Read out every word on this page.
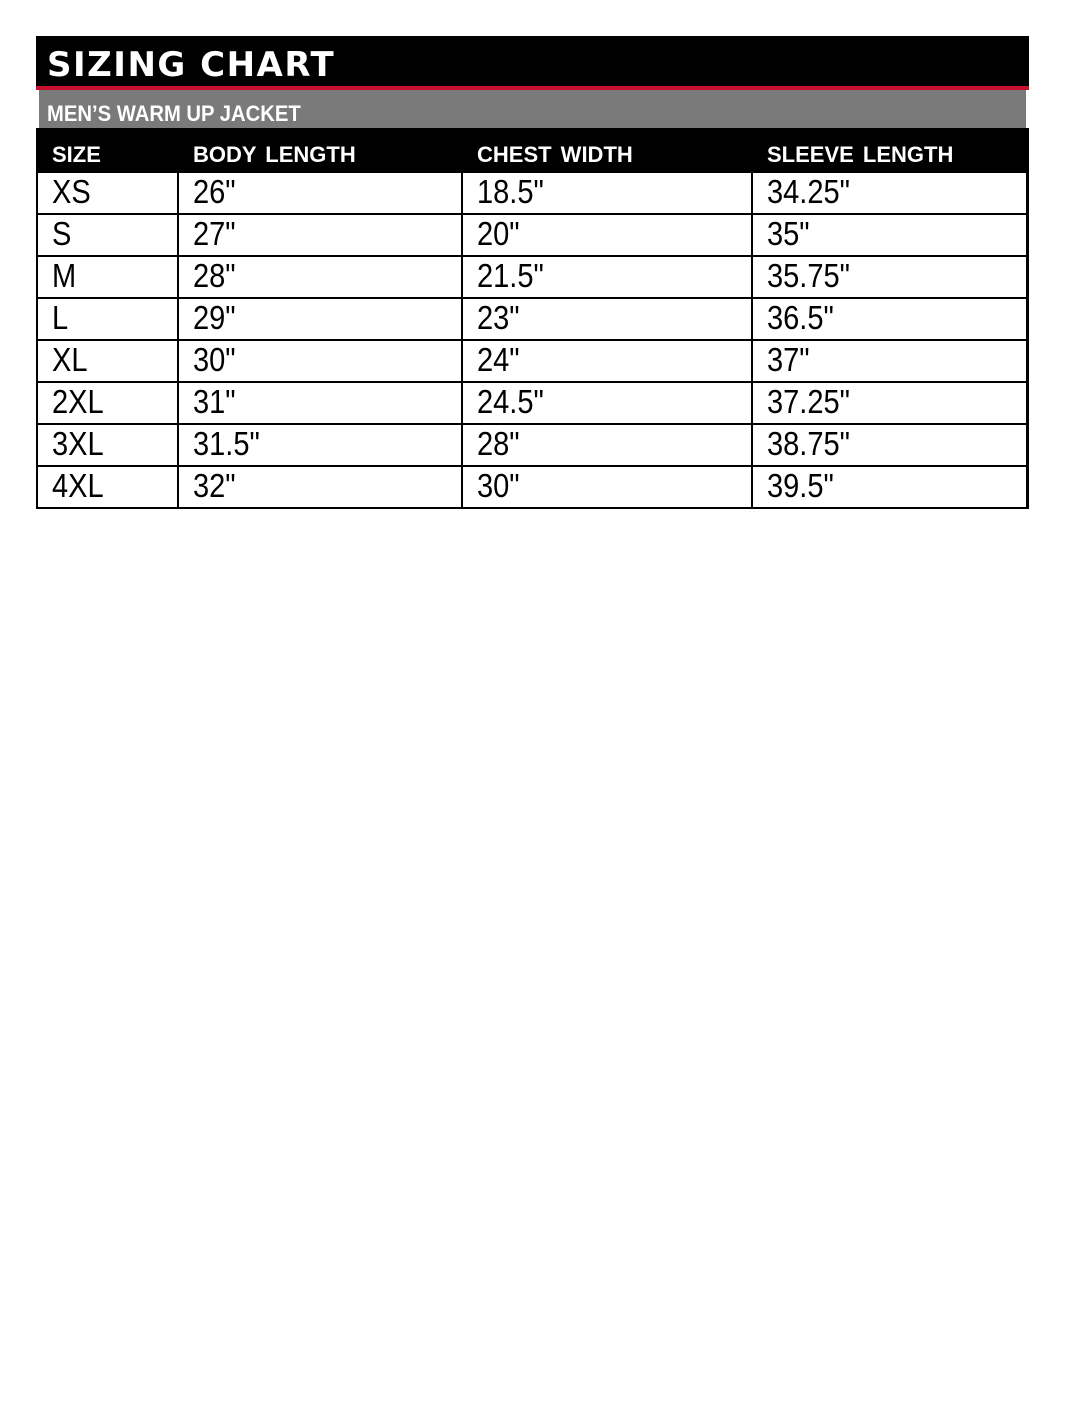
SIZING CHART
MEN’S WARM UP JACKET
SIZE	BODY LENGTH	CHEST WIDTH	SLEEVE LENGTH
XS	26"	18.5"	34.25"
S	27"	20"	35"
M	28"	21.5"	35.75"
L	29"	23"	36.5"
XL	30"	24"	37"
2XL	31"	24.5"	37.25"
3XL	31.5"	28"	38.75"
4XL	32"	30"	39.5"
